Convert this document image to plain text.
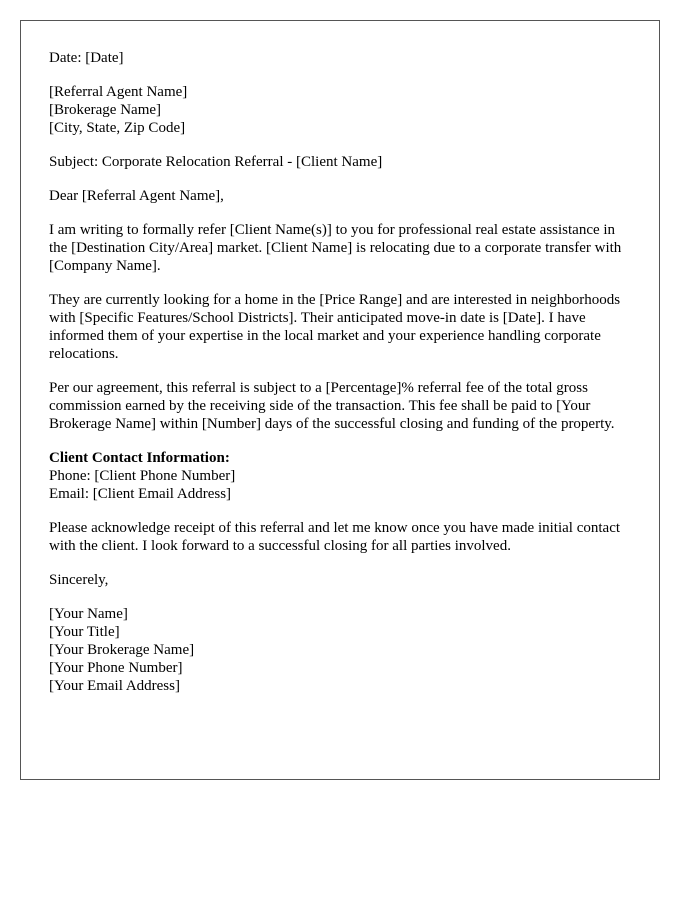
Date: [Date]

[Referral Agent Name]
[Brokerage Name]
[City, State, Zip Code]

Subject: Corporate Relocation Referral - [Client Name]

Dear [Referral Agent Name],

I am writing to formally refer [Client Name(s)] to you for professional real estate assistance in the [Destination City/Area] market. [Client Name] is relocating due to a corporate transfer with [Company Name].

They are currently looking for a home in the [Price Range] and are interested in neighborhoods with [Specific Features/School Districts]. Their anticipated move-in date is [Date]. I have informed them of your expertise in the local market and your experience handling corporate relocations.

Per our agreement, this referral is subject to a [Percentage]% referral fee of the total gross commission earned by the receiving side of the transaction. This fee shall be paid to [Your Brokerage Name] within [Number] days of the successful closing and funding of the property.

Client Contact Information:
Phone: [Client Phone Number]
Email: [Client Email Address]

Please acknowledge receipt of this referral and let me know once you have made initial contact with the client. I look forward to a successful closing for all parties involved.

Sincerely,

[Your Name]
[Your Title]
[Your Brokerage Name]
[Your Phone Number]
[Your Email Address]
